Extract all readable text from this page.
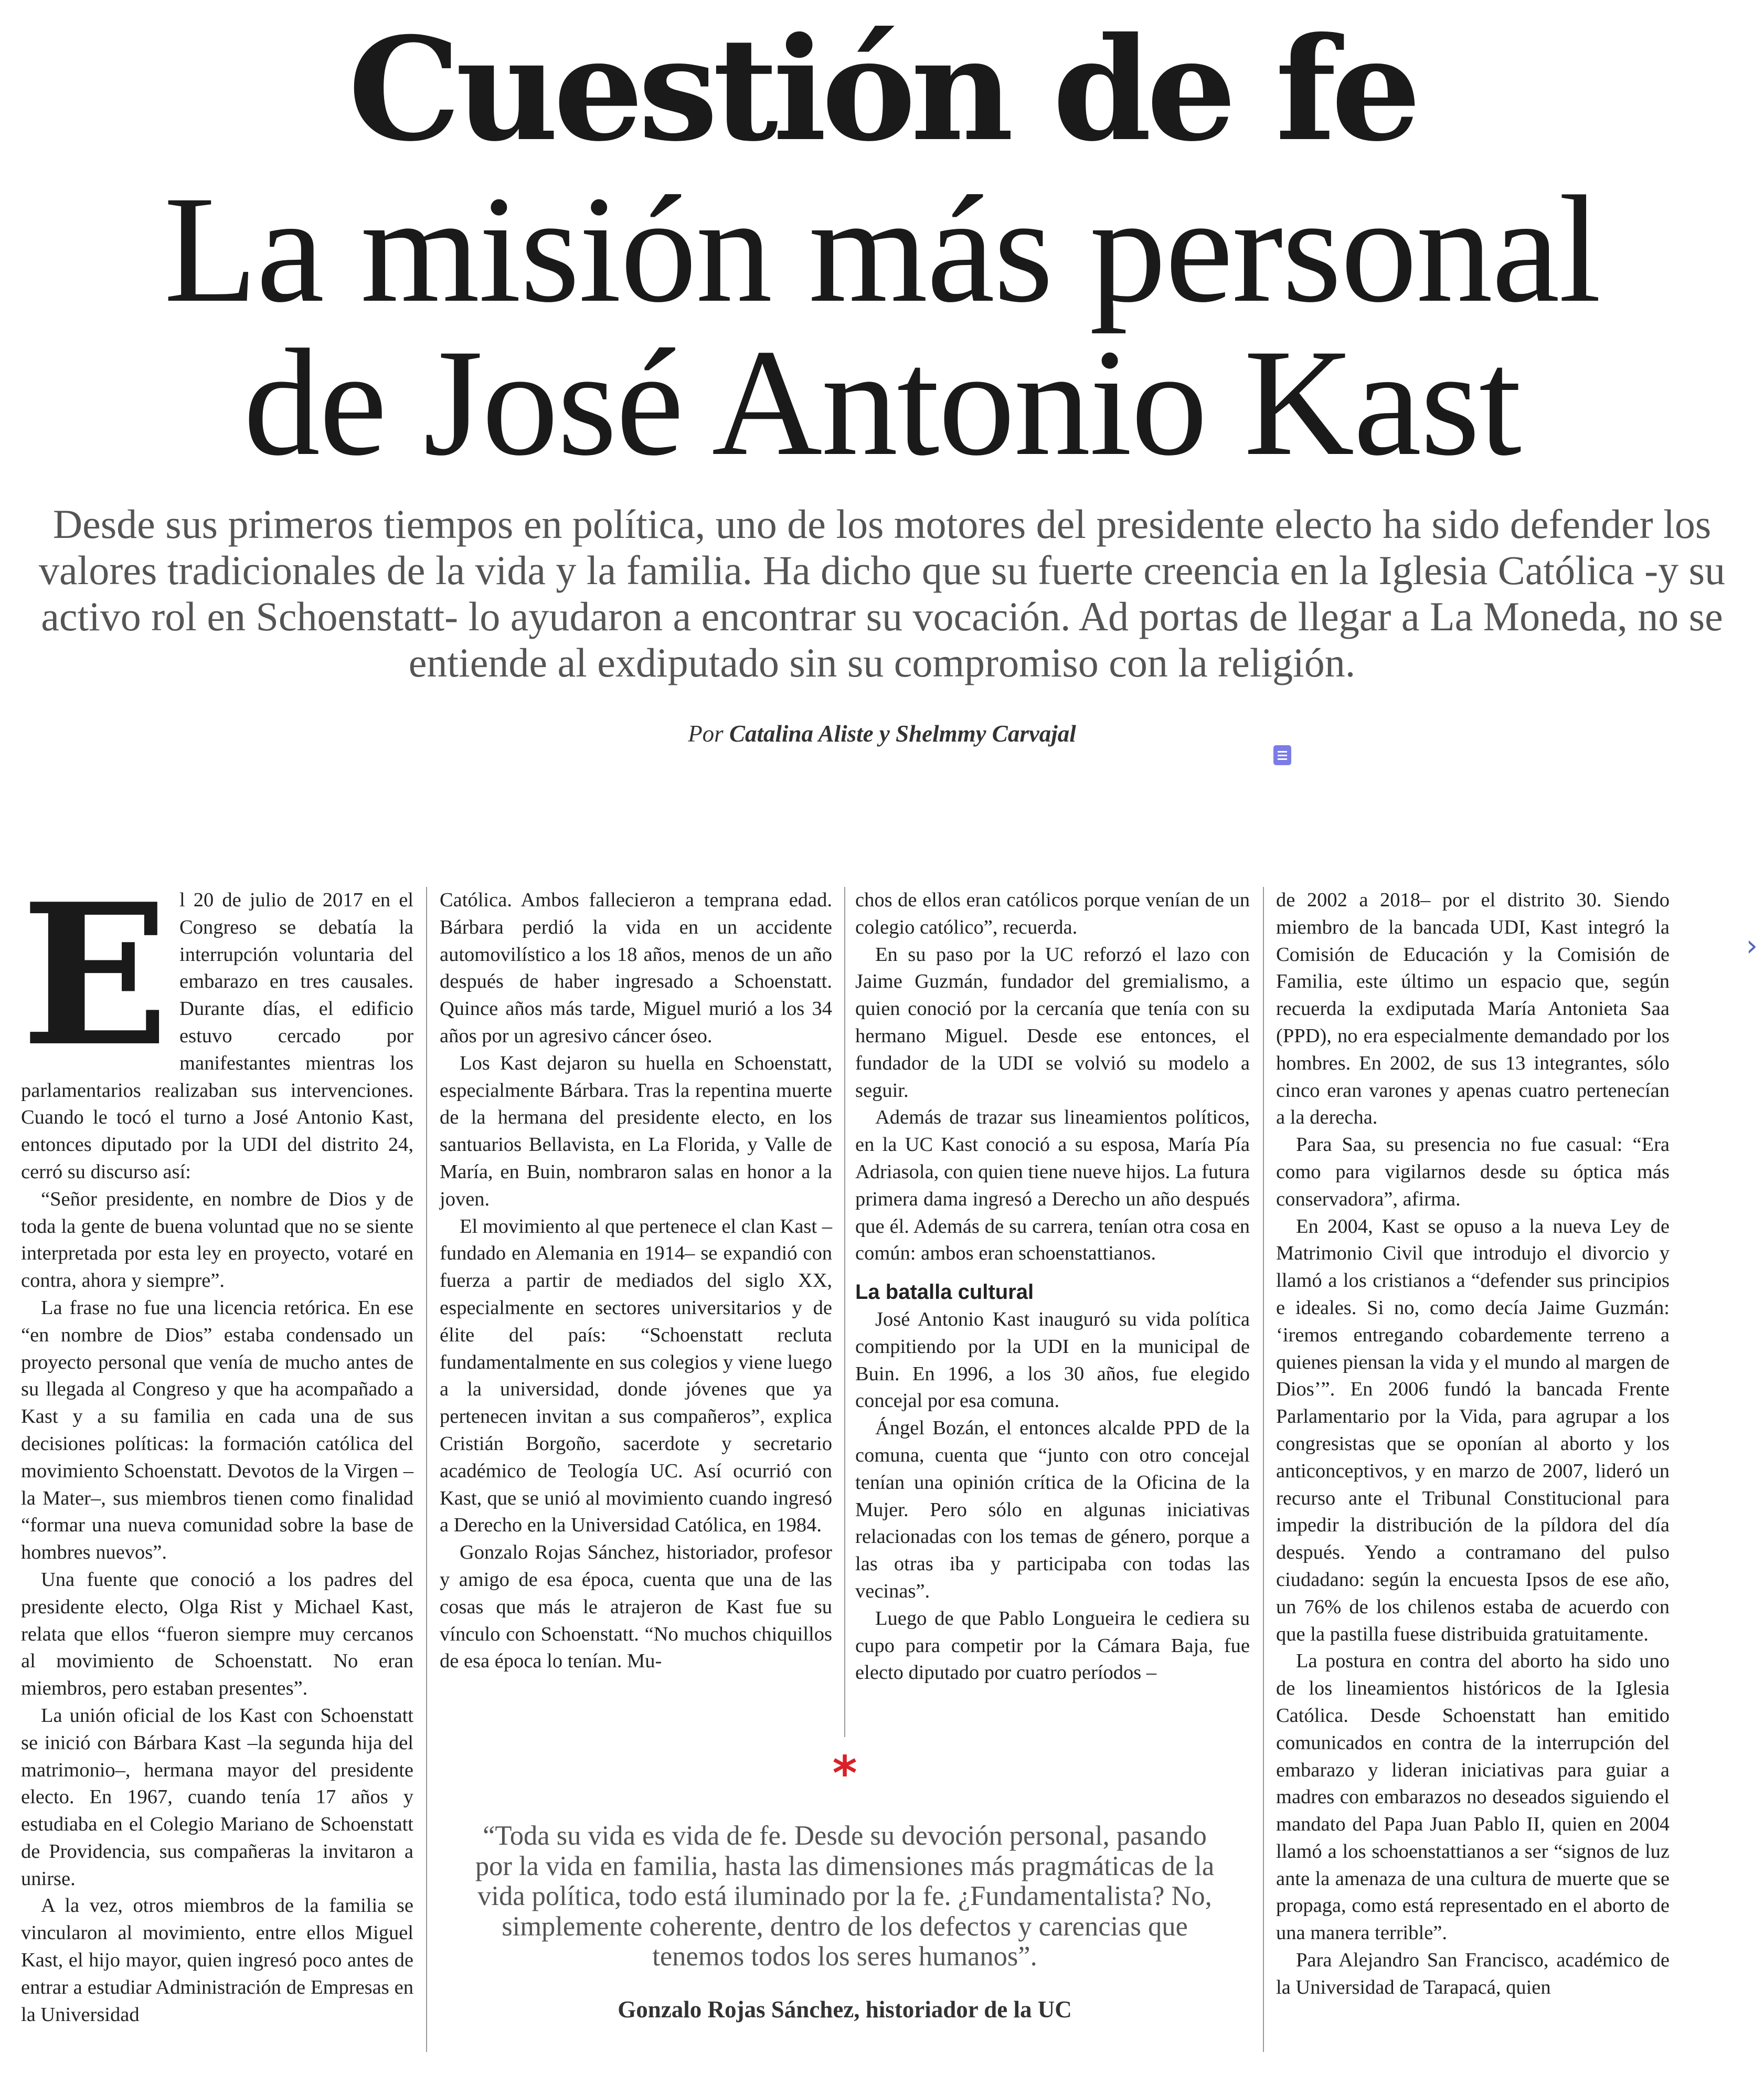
Cuestión de fe
La misión más personal
de José Antonio Kast
Desde sus primeros tiempos en política, uno de los motores del presidente electo ha sido defender los valores tradicionales de la vida y la familia. Ha dicho que su fuerte creencia en la Iglesia Católica -y su activo rol en Schoenstatt- lo ayudaron a encontrar su vocación. Ad portas de llegar a La Moneda, no se entiende al exdiputado sin su compromiso con la religión.
Por Catalina Aliste y Shelmmy Carvajal
›

El 20 de julio de 2017 en el Congreso se debatía la interrupción voluntaria del embarazo en tres causales. Durante días, el edificio estuvo cercado por manifestantes mientras los parlamentarios realizaban sus intervenciones. Cuando le tocó el turno a José Antonio Kast, entonces diputado por la UDI del distrito 24, cerró su discurso así:

“Señor presidente, en nombre de Dios y de toda la gente de buena voluntad que no se siente interpretada por esta ley en proyecto, votaré en contra, ahora y siempre”.

La frase no fue una licencia retórica. En ese “en nombre de Dios” estaba condensado un proyecto personal que venía de mucho antes de su llegada al Congreso y que ha acompañado a Kast y a su familia en cada una de sus decisiones políticas: la formación católica del movimiento Schoenstatt. Devotos de la Virgen –la Mater–, sus miembros tienen como finalidad “formar una nueva comunidad sobre la base de hombres nuevos”.

Una fuente que conoció a los padres del presidente electo, Olga Rist y Michael Kast, relata que ellos “fueron siempre muy cercanos al movimiento de Schoenstatt. No eran miembros, pero estaban presentes”.

La unión oficial de los Kast con Schoenstatt se inició con Bárbara Kast –la segunda hija del matrimonio–, hermana mayor del presidente electo. En 1967, cuando tenía 17 años y estudiaba en el Colegio Mariano de Schoenstatt de Providencia, sus compañeras la invitaron a unirse.

A la vez, otros miembros de la familia se vincularon al movimiento, entre ellos Miguel Kast, el hijo mayor, quien ingresó poco antes de entrar a estudiar Administración de Empresas en la Universidad

Católica. Ambos fallecieron a temprana edad. Bárbara perdió la vida en un accidente automovilístico a los 18 años, menos de un año después de haber ingresado a Schoenstatt. Quince años más tarde, Miguel murió a los 34 años por un agresivo cáncer óseo.

Los Kast dejaron su huella en Schoenstatt, especialmente Bárbara. Tras la repentina muerte de la hermana del presidente electo, en los santuarios Bellavista, en La Florida, y Valle de María, en Buin, nombraron salas en honor a la joven.

El movimiento al que pertenece el clan Kast –fundado en Alemania en 1914– se expandió con fuerza a partir de mediados del siglo XX, especialmente en sectores universitarios y de élite del país: “Schoenstatt recluta fundamentalmente en sus colegios y viene luego a la universidad, donde jóvenes que ya pertenecen invitan a sus compañeros”, explica Cristián Borgoño, sacerdote y secretario académico de Teología UC. Así ocurrió con Kast, que se unió al movimiento cuando ingresó a Derecho en la Universidad Católica, en 1984.

Gonzalo Rojas Sánchez, historiador, profesor y amigo de esa época, cuenta que una de las cosas que más le atrajeron de Kast fue su vínculo con Schoenstatt. “No muchos chiquillos de esa época lo tenían. Mu-

chos de ellos eran católicos porque venían de un colegio católico”, recuerda.

En su paso por la UC reforzó el lazo con Jaime Guzmán, fundador del gremialismo, a quien conoció por la cercanía que tenía con su hermano Miguel. Desde ese entonces, el fundador de la UDI se volvió su modelo a seguir.

Además de trazar sus lineamientos políticos, en la UC Kast conoció a su esposa, María Pía Adriasola, con quien tiene nueve hijos. La futura primera dama ingresó a Derecho un año después que él. Además de su carrera, tenían otra cosa en común: ambos eran schoenstattianos.

La batalla cultural

José Antonio Kast inauguró su vida política compitiendo por la UDI en la municipal de Buin. En 1996, a los 30 años, fue elegido concejal por esa comuna.

Ángel Bozán, el entonces alcalde PPD de la comuna, cuenta que “junto con otro concejal tenían una opinión crítica de la Oficina de la Mujer. Pero sólo en algunas iniciativas relacionadas con los temas de género, porque a las otras iba y participaba con todas las vecinas”.

Luego de que Pablo Longueira le cediera su cupo para competir por la Cámara Baja, fue electo diputado por cuatro períodos –

de 2002 a 2018– por el distrito 30. Siendo miembro de la bancada UDI, Kast integró la Comisión de Educación y la Comisión de Familia, este último un espacio que, según recuerda la exdiputada María Antonieta Saa (PPD), no era especialmente demandado por los hombres. En 2002, de sus 13 integrantes, sólo cinco eran varones y apenas cuatro pertenecían a la derecha.

Para Saa, su presencia no fue casual: “Era como para vigilarnos desde su óptica más conservadora”, afirma.

En 2004, Kast se opuso a la nueva Ley de Matrimonio Civil que introdujo el divorcio y llamó a los cristianos a “defender sus principios e ideales. Si no, como decía Jaime Guzmán: ‘iremos entregando cobardemente terreno a quienes piensan la vida y el mundo al margen de Dios’”. En 2006 fundó la bancada Frente Parlamentario por la Vida, para agrupar a los congresistas que se oponían al aborto y los anticonceptivos, y en marzo de 2007, lideró un recurso ante el Tribunal Constitucional para impedir la distribución de la píldora del día después. Yendo a contramano del pulso ciudadano: según la encuesta Ipsos de ese año, un 76% de los chilenos estaba de acuerdo con que la pastilla fuese distribuida gratuitamente.

La postura en contra del aborto ha sido uno de los lineamientos históricos de la Iglesia Católica. Desde Schoenstatt han emitido comunicados en contra de la interrupción del embarazo y lideran iniciativas para guiar a madres con embarazos no deseados siguiendo el mandato del Papa Juan Pablo II, quien en 2004 llamó a los schoenstattianos a ser “signos de luz ante la amenaza de una cultura de muerte que se propaga, como está representado en el aborto de una manera terrible”.

Para Alejandro San Francisco, académico de la Universidad de Tarapacá, quien

*
“Toda su vida es vida de fe. Desde su devoción personal, pasando por la vida en familia, hasta las dimensiones más pragmáticas de la vida política, todo está iluminado por la fe. ¿Fundamentalista? No, simplemente coherente, dentro de los defectos y carencias que tenemos todos los seres humanos”.
Gonzalo Rojas Sánchez, historiador de la UC
